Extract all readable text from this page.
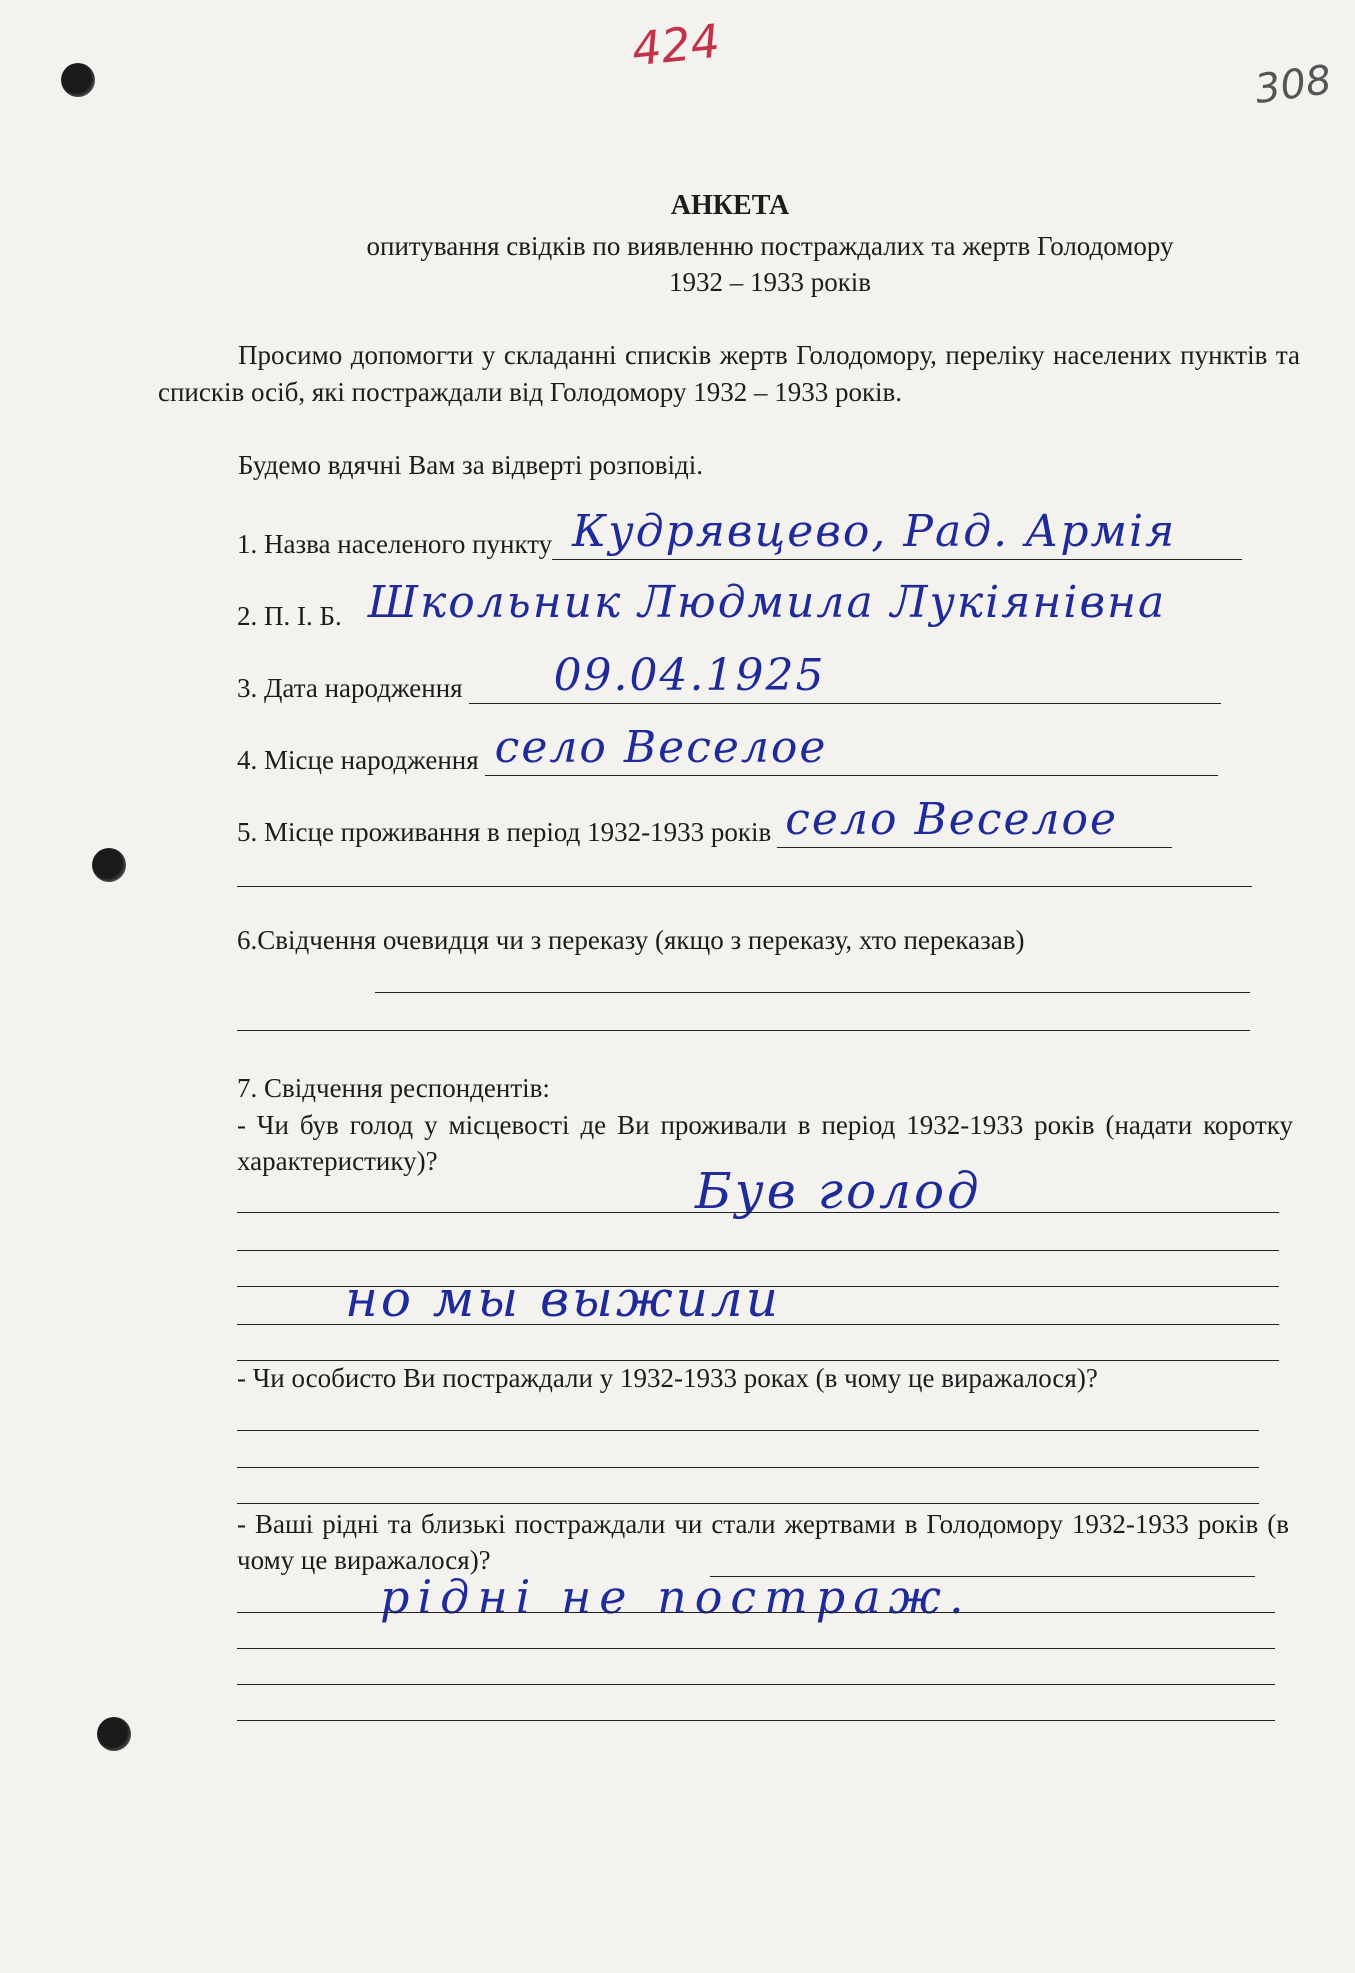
424
308
АНКЕТА
опитування свідків по виявленню постраждалих та жертв Голодомору
1932 – 1933 років
Просимо допомогти у складанні списків жертв Голодомору, переліку населених пунктів та списків осіб, які постраждали від Голодомору 1932 – 1933 років.
Будемо вдячні Вам за відверті розповіді.
1. Назва населеного пункту Кудрявцево, Рад. Армія
2. П. І. Б. Школьник Людмила Лукіянівна
3. Дата народження 09.04.1925
4. Місце народження село Веселое
5. Місце проживання в період 1932-1933 років село Веселое
6.Свідчення очевидця чи з переказу (якщо з переказу, хто переказав)
7. Свідчення респондентів:
- Чи був голод у місцевості де Ви проживали в період 1932-1933 років (надати коротку характеристику)?
Був голод
но мы выжили
- Чи особисто Ви постраждали у 1932-1933 роках (в чому це виражалося)?
- Ваші рідні та близькі постраждали чи стали жертвами в Голодомору 1932-1933 років (в чому це виражалося)?
рідні не постраж.
